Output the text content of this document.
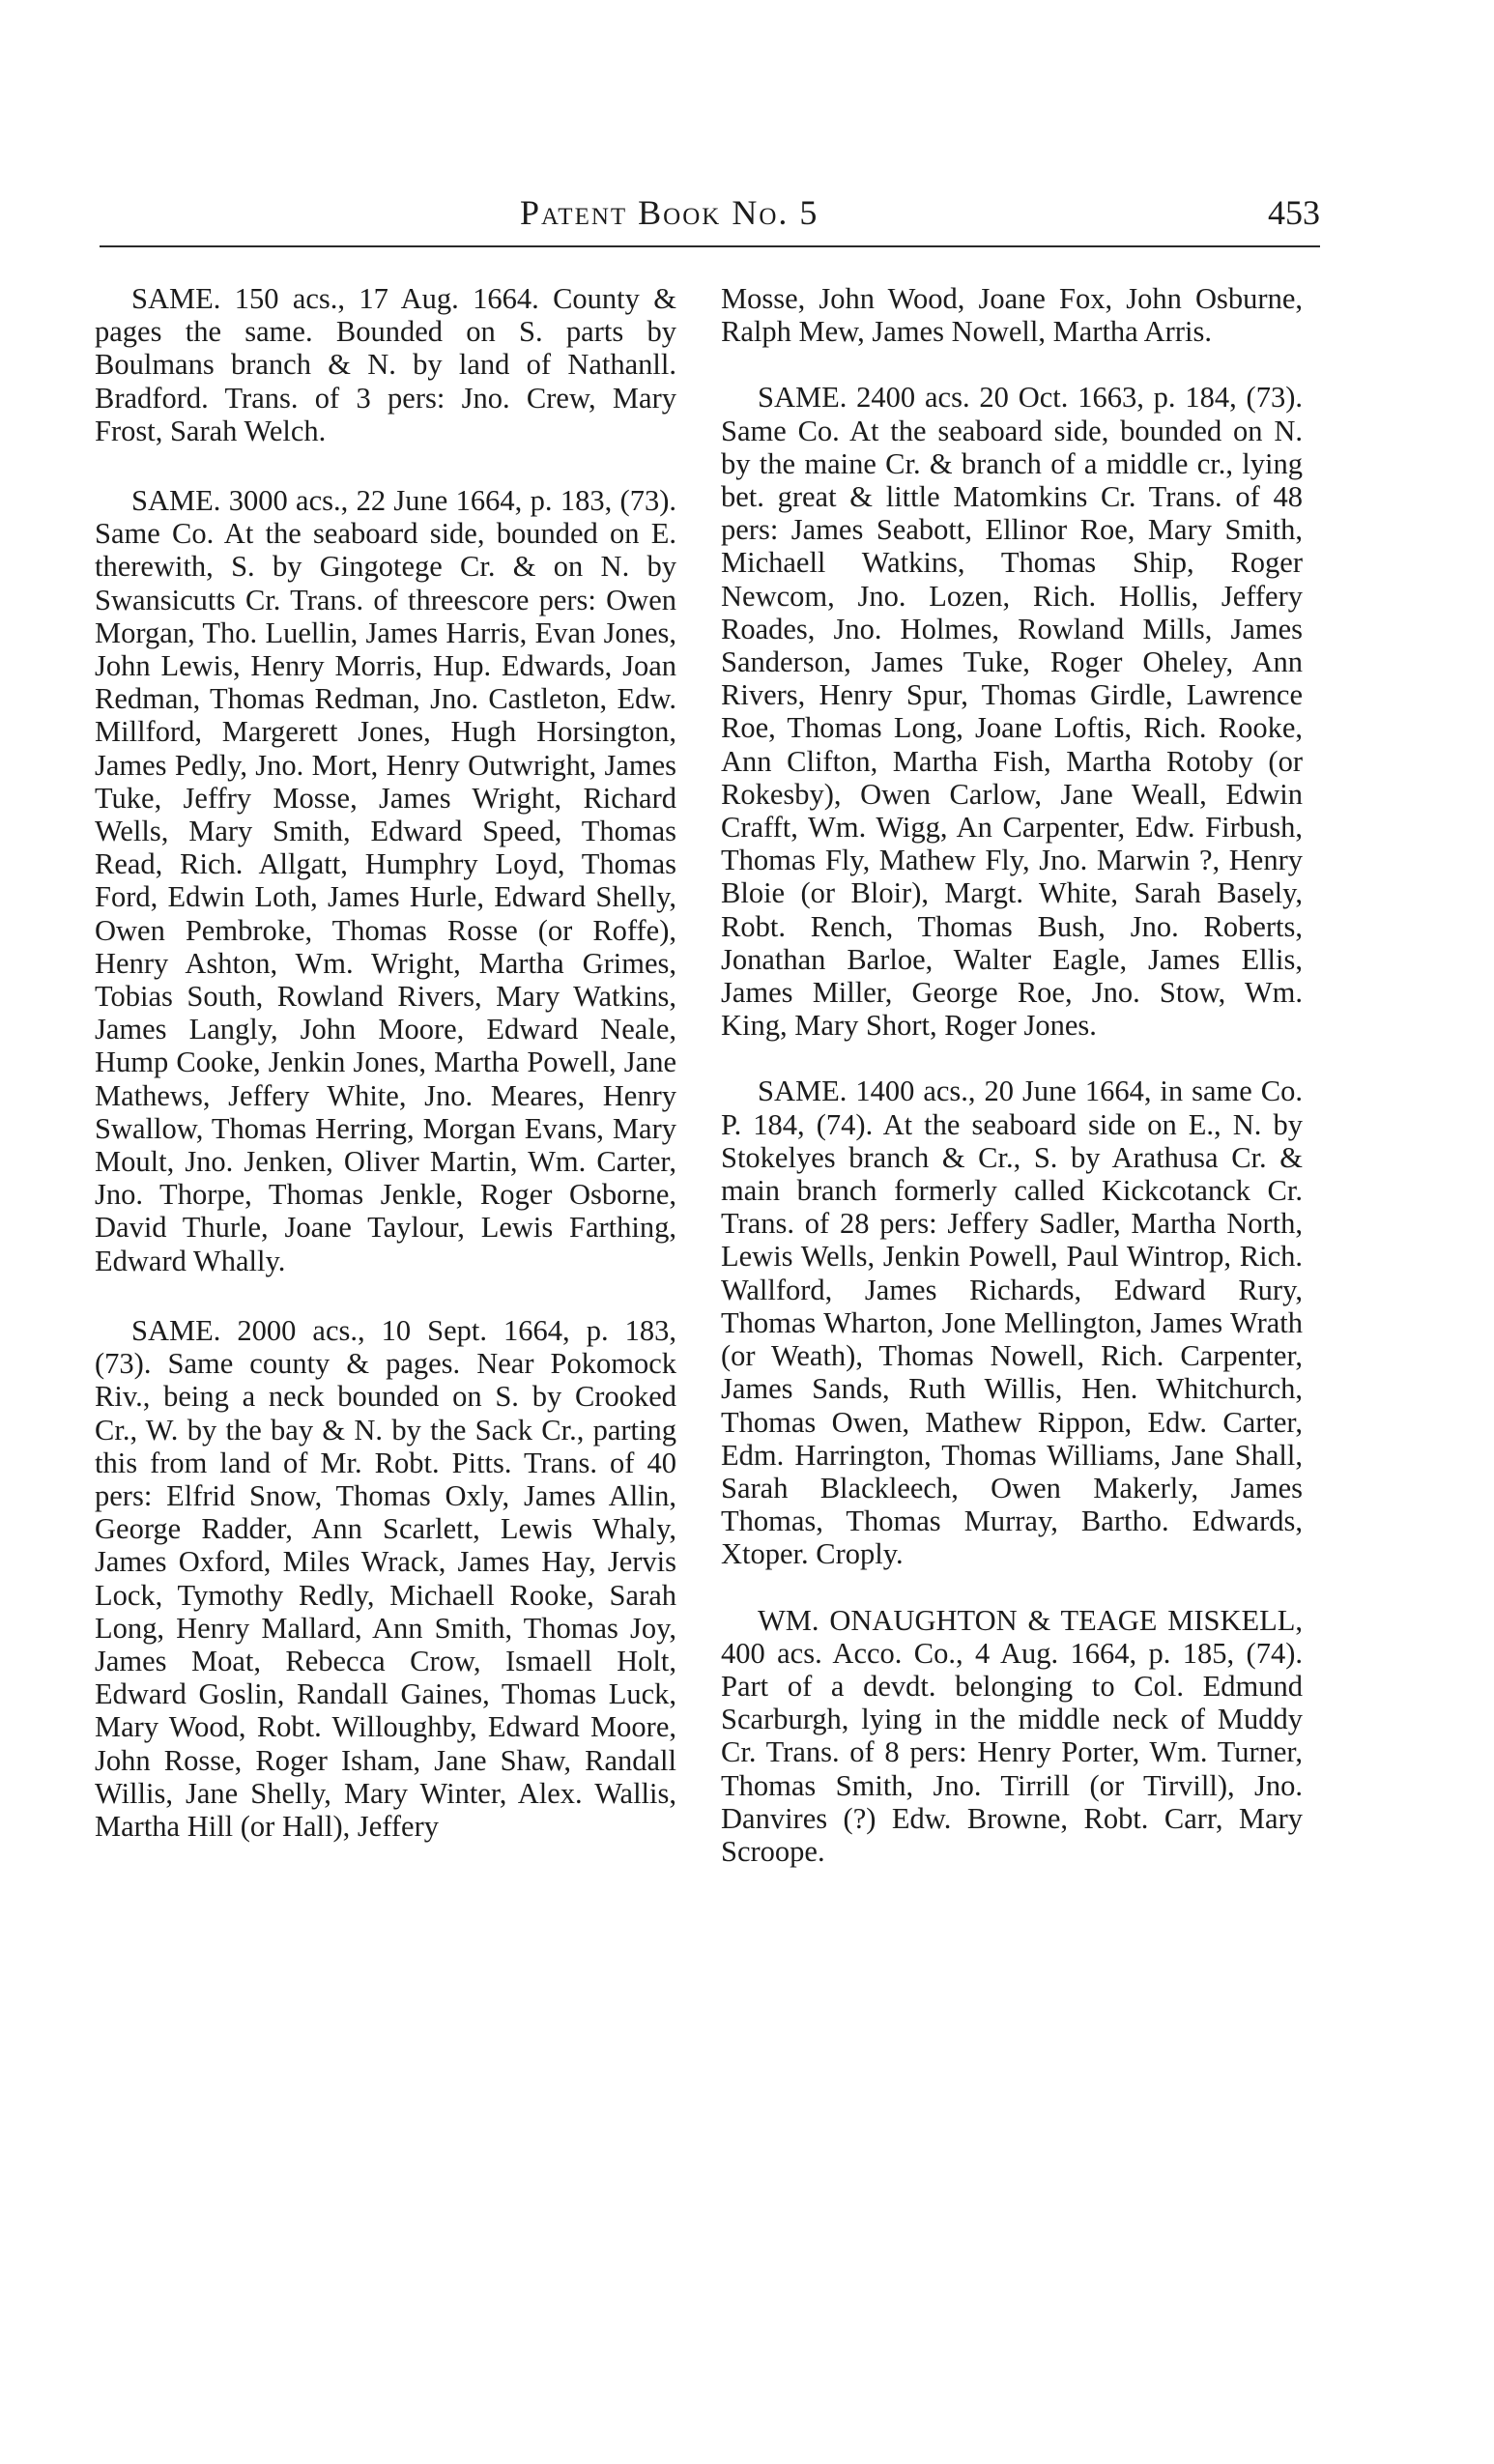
Patent Book No. 5	453

SAME. 150 acs., 17 Aug. 1664. County & pages the same. Bounded on S. parts by Boulmans branch & N. by land of Nathanll. Bradford. Trans. of 3 pers: Jno. Crew, Mary Frost, Sarah Welch.

SAME. 3000 acs., 22 June 1664, p. 183, (73). Same Co. At the seaboard side, bounded on E. therewith, S. by Gingotege Cr. & on N. by Swansicutts Cr. Trans. of threescore pers: Owen Morgan, Tho. Luellin, James Harris, Evan Jones, John Lewis, Henry Morris, Hup. Edwards, Joan Redman, Thomas Redman, Jno. Castleton, Edw. Millford, Margerett Jones, Hugh Horsington, James Pedly, Jno. Mort, Henry Outwright, James Tuke, Jeffry Mosse, James Wright, Richard Wells, Mary Smith, Edward Speed, Thomas Read, Rich. Allgatt, Humphry Loyd, Thomas Ford, Edwin Loth, James Hurle, Edward Shelly, Owen Pembroke, Thomas Rosse (or Roffe), Henry Ashton, Wm. Wright, Martha Grimes, Tobias South, Rowland Rivers, Mary Watkins, James Langly, John Moore, Edward Neale, Hump Cooke, Jenkin Jones, Martha Powell, Jane Mathews, Jeffery White, Jno. Meares, Henry Swallow, Thomas Herring, Morgan Evans, Mary Moult, Jno. Jenken, Oliver Martin, Wm. Carter, Jno. Thorpe, Thomas Jenkle, Roger Osborne, David Thurle, Joane Taylour, Lewis Farthing, Edward Whally.

SAME. 2000 acs., 10 Sept. 1664, p. 183, (73). Same county & pages. Near Pokomock Riv., being a neck bounded on S. by Crooked Cr., W. by the bay & N. by the Sack Cr., parting this from land of Mr. Robt. Pitts. Trans. of 40 pers: Elfrid Snow, Thomas Oxly, James Allin, George Radder, Ann Scarlett, Lewis Whaly, James Oxford, Miles Wrack, James Hay, Jervis Lock, Tymothy Redly, Michaell Rooke, Sarah Long, Henry Mallard, Ann Smith, Thomas Joy, James Moat, Rebecca Crow, Ismaell Holt, Edward Goslin, Randall Gaines, Thomas Luck, Mary Wood, Robt. Willoughby, Edward Moore, John Rosse, Roger Isham, Jane Shaw, Randall Willis, Jane Shelly, Mary Winter, Alex. Wallis, Martha Hill (or Hall), Jeffery

Mosse, John Wood, Joane Fox, John Osburne, Ralph Mew, James Nowell, Martha Arris.

SAME. 2400 acs. 20 Oct. 1663, p. 184, (73). Same Co. At the seaboard side, bounded on N. by the maine Cr. & branch of a middle cr., lying bet. great & little Matomkins Cr. Trans. of 48 pers: James Seabott, Ellinor Roe, Mary Smith, Michaell Watkins, Thomas Ship, Roger Newcom, Jno. Lozen, Rich. Hollis, Jeffery Roades, Jno. Holmes, Rowland Mills, James Sanderson, James Tuke, Roger Oheley, Ann Rivers, Henry Spur, Thomas Girdle, Lawrence Roe, Thomas Long, Joane Loftis, Rich. Rooke, Ann Clifton, Martha Fish, Martha Rotoby (or Rokesby), Owen Carlow, Jane Weall, Edwin Crafft, Wm. Wigg, An Carpenter, Edw. Firbush, Thomas Fly, Mathew Fly, Jno. Marwin ?, Henry Bloie (or Bloir), Margt. White, Sarah Basely, Robt. Rench, Thomas Bush, Jno. Roberts, Jonathan Barloe, Walter Eagle, James Ellis, James Miller, George Roe, Jno. Stow, Wm. King, Mary Short, Roger Jones.

SAME. 1400 acs., 20 June 1664, in same Co. P. 184, (74). At the seaboard side on E., N. by Stokelyes branch & Cr., S. by Arathusa Cr. & main branch formerly called Kickcotanck Cr. Trans. of 28 pers: Jeffery Sadler, Martha North, Lewis Wells, Jenkin Powell, Paul Wintrop, Rich. Wallford, James Richards, Edward Rury, Thomas Wharton, Jone Mellington, James Wrath (or Weath), Thomas Nowell, Rich. Carpenter, James Sands, Ruth Willis, Hen. Whitchurch, Thomas Owen, Mathew Rippon, Edw. Carter, Edm. Harrington, Thomas Williams, Jane Shall, Sarah Blackleech, Owen Makerly, James Thomas, Thomas Murray, Bartho. Edwards, Xtoper. Croply.

WM. ONAUGHTON & TEAGE MISKELL, 400 acs. Acco. Co., 4 Aug. 1664, p. 185, (74). Part of a devdt. belonging to Col. Edmund Scarburgh, lying in the middle neck of Muddy Cr. Trans. of 8 pers: Henry Porter, Wm. Turner, Thomas Smith, Jno. Tirrill (or Tirvill), Jno. Danvires (?) Edw. Browne, Robt. Carr, Mary Scroope.
